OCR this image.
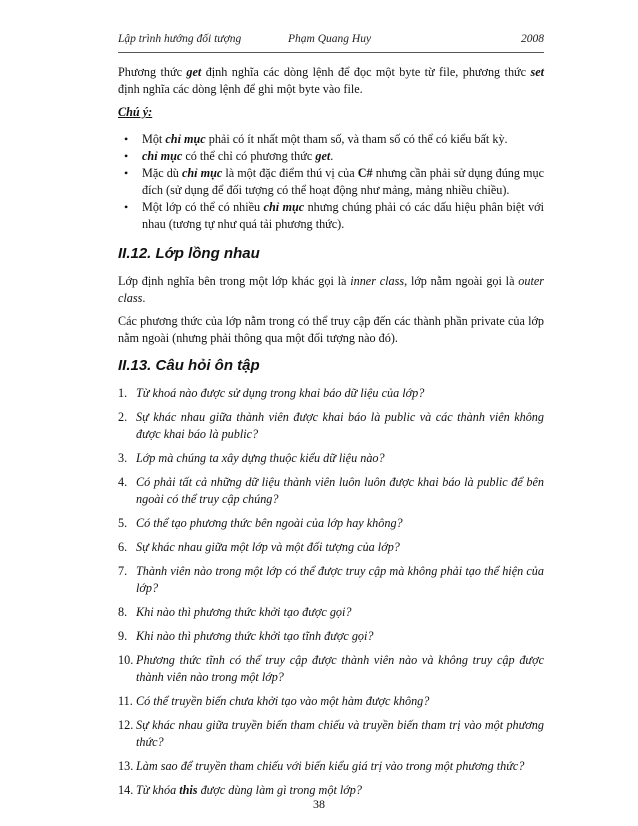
Lập trình hướng đối tượng	Phạm Quang Huy	2008

Phương thức get định nghĩa các dòng lệnh để đọc một byte từ file, phương thức set định nghĩa các dòng lệnh để ghi một byte vào file.

Chú ý:
• Một chỉ mục phải có ít nhất một tham số, và tham số có thể có kiểu bất kỳ.
• chỉ mục có thể chỉ có phương thức get.
• Mặc dù chỉ mục là một đặc điểm thú vị của C# nhưng cần phải sử dụng đúng mục đích (sử dụng để đối tượng có thể hoạt động như mảng, mảng nhiều chiều).
• Một lớp có thể có nhiều chỉ mục nhưng chúng phải có các dấu hiệu phân biệt với nhau (tương tự như quá tải phương thức).
II.12. Lớp lồng nhau

Lớp định nghĩa bên trong một lớp khác gọi là inner class, lớp nằm ngoài gọi là outer class.

Các phương thức của lớp nằm trong có thể truy cập đến các thành phần private của lớp nằm ngoài (nhưng phải thông qua một đối tượng nào đó).

II.13. Câu hỏi ôn tập
1. Từ khoá nào được sử dụng trong khai báo dữ liệu của lớp?
2. Sự khác nhau giữa thành viên được khai báo là public và các thành viên không được khai báo là public?
3. Lớp mà chúng ta xây dựng thuộc kiểu dữ liệu nào?
4. Có phải tất cả những dữ liệu thành viên luôn luôn được khai báo là public để bên ngoài có thể truy cập chúng?
5. Có thể tạo phương thức bên ngoài của lớp hay không?
6. Sự khác nhau giữa một lớp và một đối tượng của lớp?
7. Thành viên nào trong một lớp có thể được truy cập mà không phải tạo thể hiện của lớp?
8. Khi nào thì phương thức khởi tạo được gọi?
9. Khi nào thì phương thức khởi tạo tĩnh được gọi?
10. Phương thức tĩnh có thể truy cập được thành viên nào và không truy cập được thành viên nào trong một lớp?
11. Có thể truyền biến chưa khởi tạo vào một hàm được không?
12. Sự khác nhau giữa truyền biến tham chiếu và truyền biến tham trị vào một phương thức?
13. Làm sao để truyền tham chiếu với biến kiểu giá trị vào trong một phương thức?
14. Từ khóa this được dùng làm gì trong một lớp?
38
